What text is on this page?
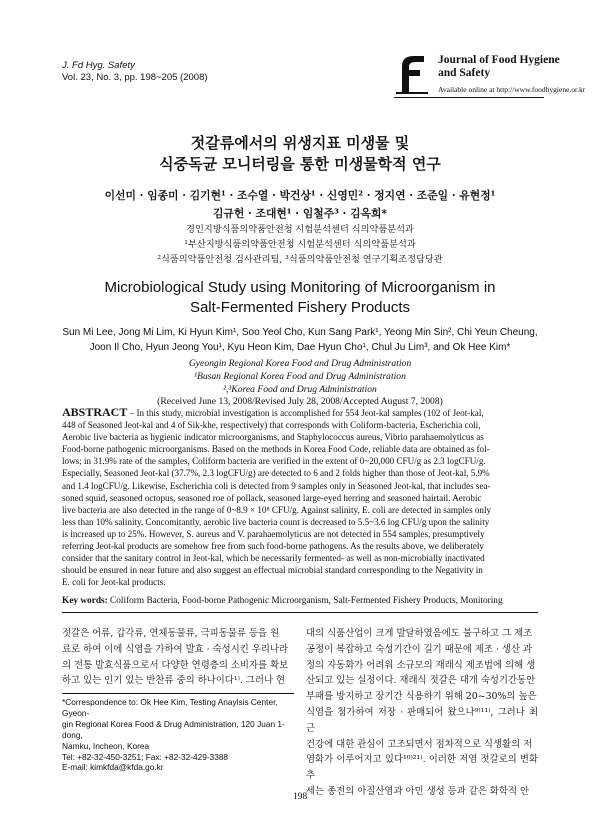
J. Fd Hyg. Safety
Vol. 23, No. 3, pp. 198~205 (2008)
Journal of Food Hygiene
and Safety
Available online at http://www.foodhygiene.or.kr
젓갈류에서의 위생지표 미생물 및
식중독균 모니터링을 통한 미생물학적 연구
이선미 · 임종미 · 김기현¹ · 조수열 · 박건상¹ · 신영민² · 정지연 · 조준일 · 유현정¹
김규헌 · 조대현¹ · 임철주³ · 김옥희*
경인지방식품의약품안전청 시험분석센터 식의약품분석과
¹부산지방식품의약품안전청 시험분석센터 식의약품분석과
²식품의약품안전청 검사관리팀, ³식품의약품안전청 연구기획조정담당관
Microbiological Study using Monitoring of Microorganism in
Salt-Fermented Fishery Products
Sun Mi Lee, Jong Mi Lim, Ki Hyun Kim¹, Soo Yeol Cho, Kun Sang Park¹, Yeong Min Sin², Chi Yeun Cheung,
Joon Il Cho, Hyun Jeong You¹, Kyu Heon Kim, Dae Hyun Cho¹, Chul Ju Lim³, and Ok Hee Kim*
Gyeongin Regional Korea Food and Drug Administration
¹Busan Regional Korea Food and Drug Administration
²,³Korea Food and Drug Administration
(Received June 13, 2008/Revised July 28, 2008/Accepted August 7, 2008)
ABSTRACT – In this study, microbial investigation is accomplished for 554 Jeot-kal samples (102 of Jeot-kal,
448 of Seasoned Jeot-kal and 4 of Sik-khe, respectively) that corresponds with Coliform-bacteria, Escherichia coli,
Aerobic live bacteria as hygienic indicator microorganisms, and Staphylococcus aureus, Vibrio parahaemolyticus as
Food-borne pathogenic microorganisms. Based on the methods in Korea Food Code, reliable data are obtained as fol-
lows; in 31.9% rate of the samples, Coliform bacteria are verified in the extent of 0~20,000 CFU/g as 2.3 logCFU/g.
Especially, Seasoned Jeot-kal (37.7%, 2.3 logCFU/g) are detected to 6 and 2 folds higher than those of Jeot-kal, 5.9%
and 1.4 logCFU/g. Likewise, Escherichia coli is detected from 9 samples only in Seasoned Jeot-kal, that includes sea-
soned squid, seasoned octopus, seasoned roe of pollack, seasoned large-eyed herring and seasoned hairtail. Aerobic
live bacteria are also detected in the range of 0~8.9 × 10⁸ CFU/g. Against salinity, E. coli are detected in samples only
less than 10% salinity. Concomitantly, aerobic live bacteria count is decreased to 5.5~3.6 log CFU/g upon the salinity
is increased up to 25%. However, S. aureus and V. parahaemolyticus are not detected in 554 samples, presumptively
referring Jeot-kal products are somehow free from such food-borne pathogens. As the results above, we deliberately
consider that the sanitary control in Jeot-kal, which be necessarily fermented- as well as non-microbially inactivated
should be ensured in near future and also suggest an effectual microbial standard corresponding to the Negativity in
E. coli for Jeot-kal products.
Key words: Coliform Bacteria, Food-borne Pathogenic Microorganism, Salt-Fermented Fishery Products, Monitoring
젓갈은 어류, 갑각류, 연체동물류, 극피동물류 등을 원
료로 하여 이에 식염을 가하여 발효 · 숙성시킨 우리나라
의 전통 발효식품으로서 다양한 연령층의 소비자를 확보
하고 있는 인기 있는 반찬류 중의 하나이다¹⁾. 그러나 현
*Correspondence to: Ok Hee Kim, Testing Anaylsis Center, Gyeon-
gin Regional Korea Food & Drug Administration, 120 Juan 1-dong,
Namku, Incheon, Korea
Tel: +82-32-450-3251; Fax: +82-32-429-3388
E-mail: kimkfda@kfda.go.kr
대의 식품산업이 크게 발달하였음에도 불구하고 그 제조
공정이 복잡하고 숙성기간이 길기 때문에 제조 · 생산 과
정의 자동화가 어려워 소규모의 재래식 제조법에 의해 생
산되고 있는 실정이다. 재래식 젓갈은 대개 숙성기간동안
부패를 방지하고 장기간 식용하기 위해 20~30%의 높은
식염을 첨가하여 저장 · 판매되어 왔으나⁹⁾¹¹⁾, 그러나 최근
건강에 대한 관심이 고조되면서 점차적으로 식생활의 저
염화가 이루어지고 있다¹⁰⁾²¹⁾. 이러한 저염 젓갈로의 변화 추
세는 종전의 아질산염과 아민 생성 등과 같은 화학적 안
198
